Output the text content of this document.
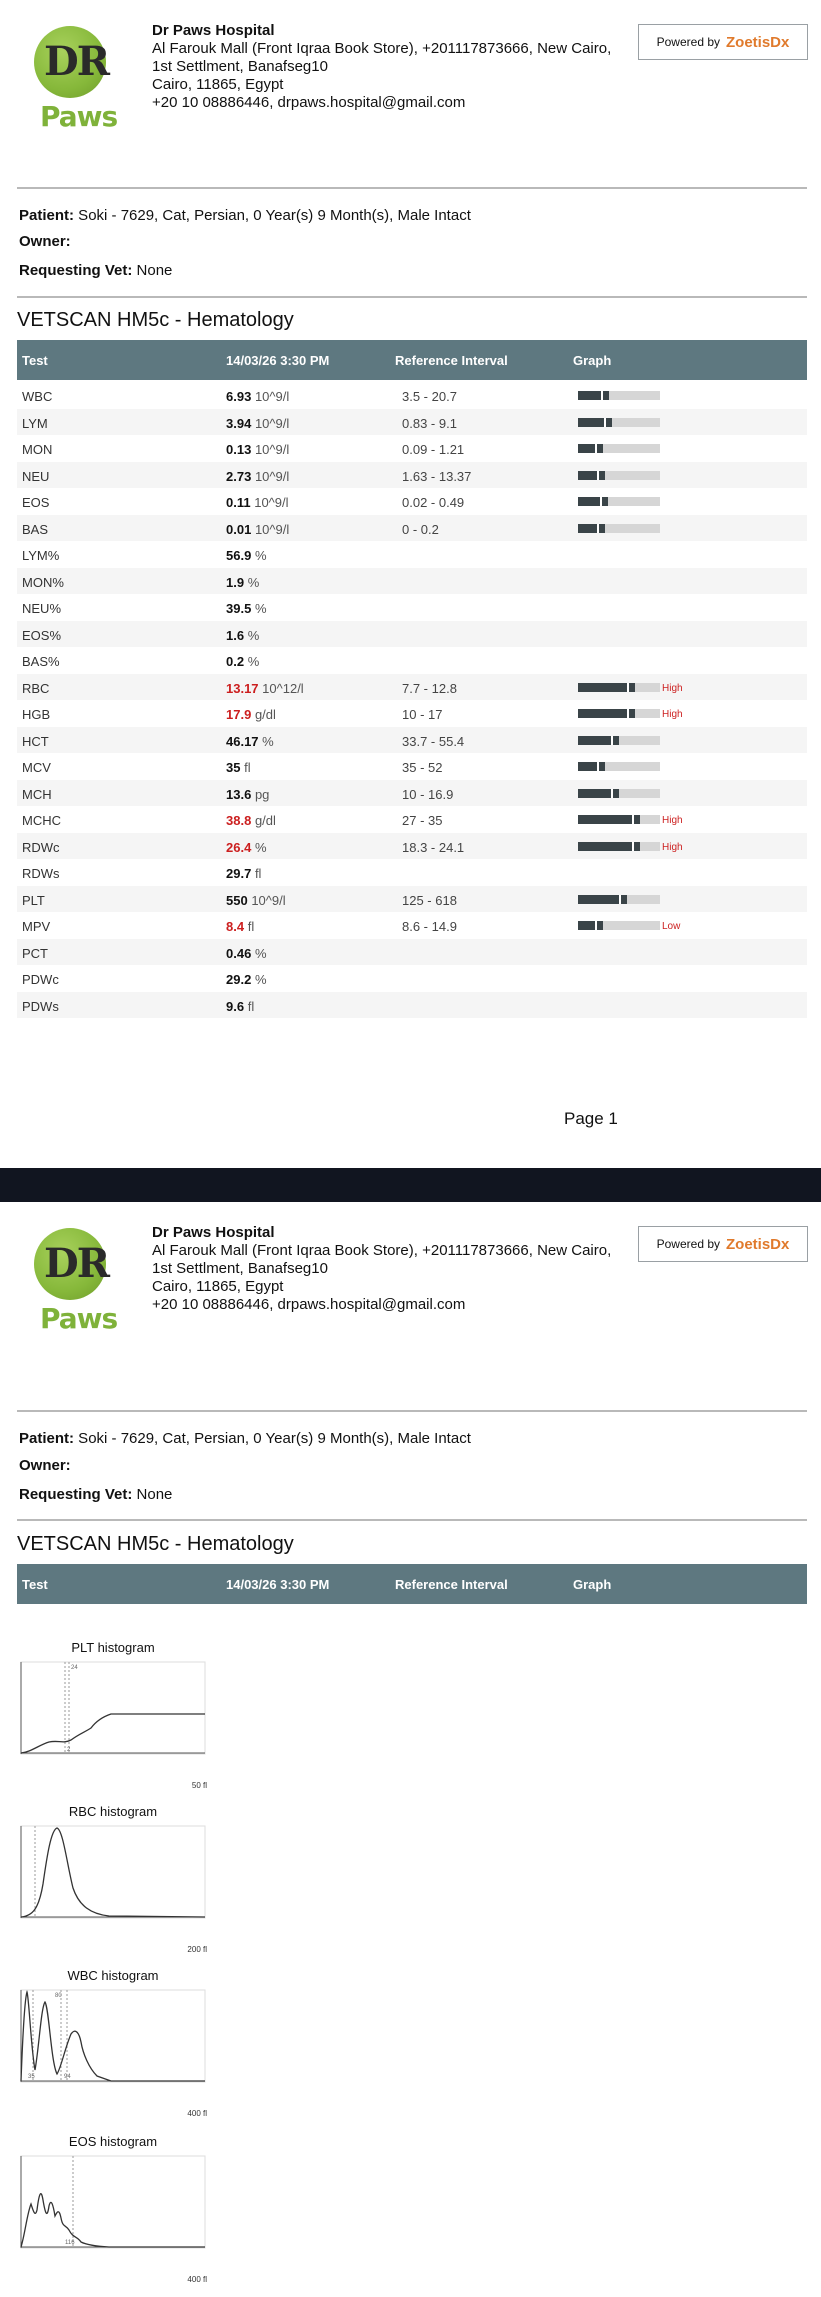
DR
Paws
Dr Paws Hospital
Al Farouk Mall (Front Iqraa Book Store), +201117873666, New Cairo,
1st Settlment, Banafseg10
Cairo, 11865, Egypt
+20 10 08886446, drpaws.hospital@gmail.com
Powered by ZoetisDx
Patient: Soki - 7629, Cat, Persian, 0 Year(s) 9 Month(s), Male Intact
Owner:
Requesting Vet: None
VETSCAN HM5c - Hematology
Test	14/03/26 3:30 PM	Reference Interval	Graph
WBC	6.93 10^9/l	3.5 - 20.7
LYM	3.94 10^9/l	0.83 - 9.1
MON	0.13 10^9/l	0.09 - 1.21
NEU	2.73 10^9/l	1.63 - 13.37
EOS	0.11 10^9/l	0.02 - 0.49
BAS	0.01 10^9/l	0 - 0.2
LYM%	56.9 %
MON%	1.9 %
NEU%	39.5 %
EOS%	1.6 %
BAS%	0.2 %
RBC	13.17 10^12/l	7.7 - 12.8	High
HGB	17.9 g/dl	10 - 17	High
HCT	46.17 %	33.7 - 55.4
MCV	35 fl	35 - 52
MCH	13.6 pg	10 - 16.9
MCHC	38.8 g/dl	27 - 35	High
RDWc	26.4 %	18.3 - 24.1	High
RDWs	29.7 fl
PLT	550 10^9/l	125 - 618
MPV	8.4 fl	8.6 - 14.9	Low
PCT	0.46 %
PDWc	29.2 %
PDWs	9.6 fl
Page 1
DR
Paws
Dr Paws Hospital
Al Farouk Mall (Front Iqraa Book Store), +201117873666, New Cairo,
1st Settlment, Banafseg10
Cairo, 11865, Egypt
+20 10 08886446, drpaws.hospital@gmail.com
Powered by ZoetisDx
Patient: Soki - 7629, Cat, Persian, 0 Year(s) 9 Month(s), Male Intact
Owner:
Requesting Vet: None
VETSCAN HM5c - Hematology
Test	14/03/26 3:30 PM	Reference Interval	Graph
PLT histogram
2
24
50 fl
RBC histogram
200 fl
WBC histogram
35
80
94
400 fl
EOS histogram
116
400 fl
